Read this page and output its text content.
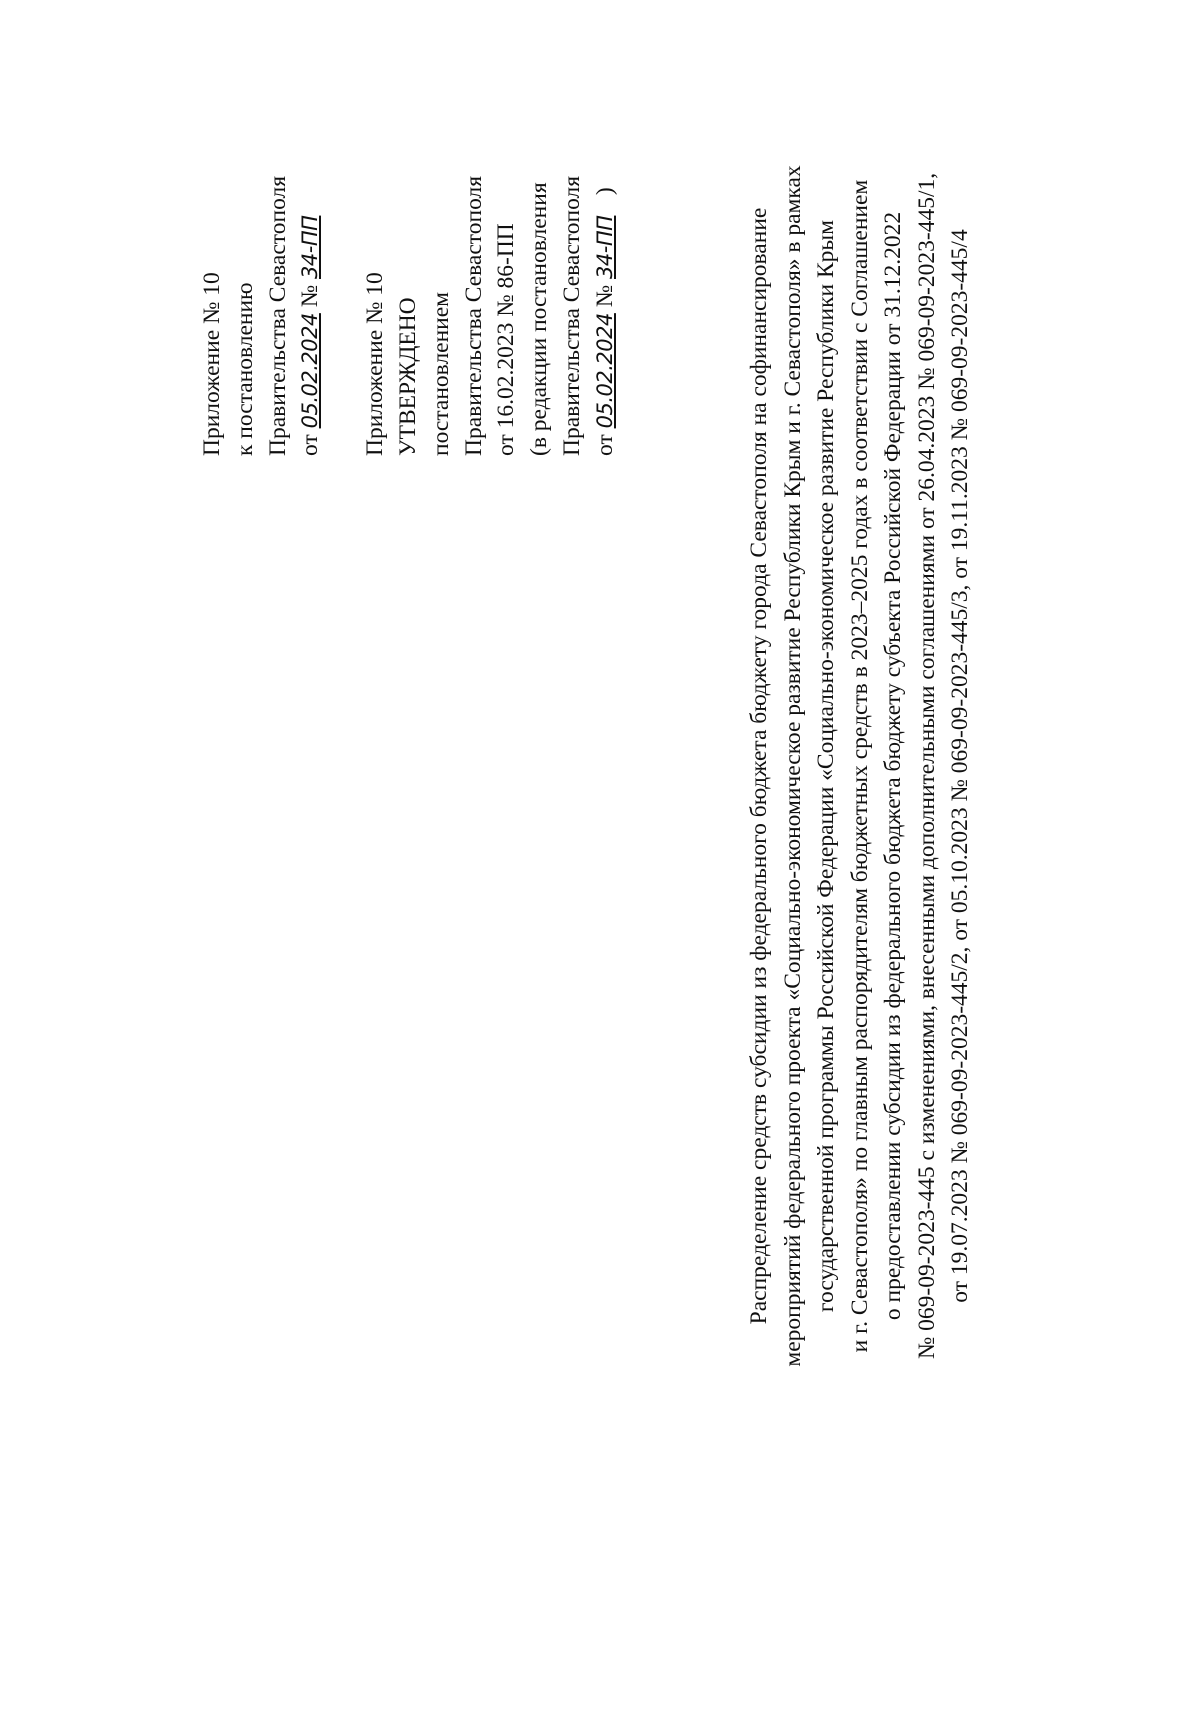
Приложение № 10 к постановлению Правительства Севастополя от 05.02.2024 № 34-ПП
Приложение № 10 УТВЕРЖДЕНО постановлением Правительства Севастополя от 16.02.2023 № 86-ПП (в редакции постановления Правительства Севастополя от 05.02.2024 № 34-ПП )
Распределение средств субсидии из федерального бюджета бюджету города Севастополя на софинансирование мероприятий федерального проекта «Социально-экономическое развитие Республики Крым и г. Севастополя» в рамках государственной программы Российской Федерации «Социально-экономическое развитие Республики Крым и г. Севастополя» по главным распорядителям бюджетных средств в 2023–2025 годах в соответствии с Соглашением о предоставлении субсидии из федерального бюджета бюджету субъекта Российской Федерации от 31.12.2022 № 069-09-2023-445 с изменениями, внесенными дополнительными соглашениями от 26.04.2023 № 069-09-2023-445/1, от 19.07.2023 № 069-09-2023-445/2, от 05.10.2023 № 069-09-2023-445/3, от 19.11.2023 № 069-09-2023-445/4
